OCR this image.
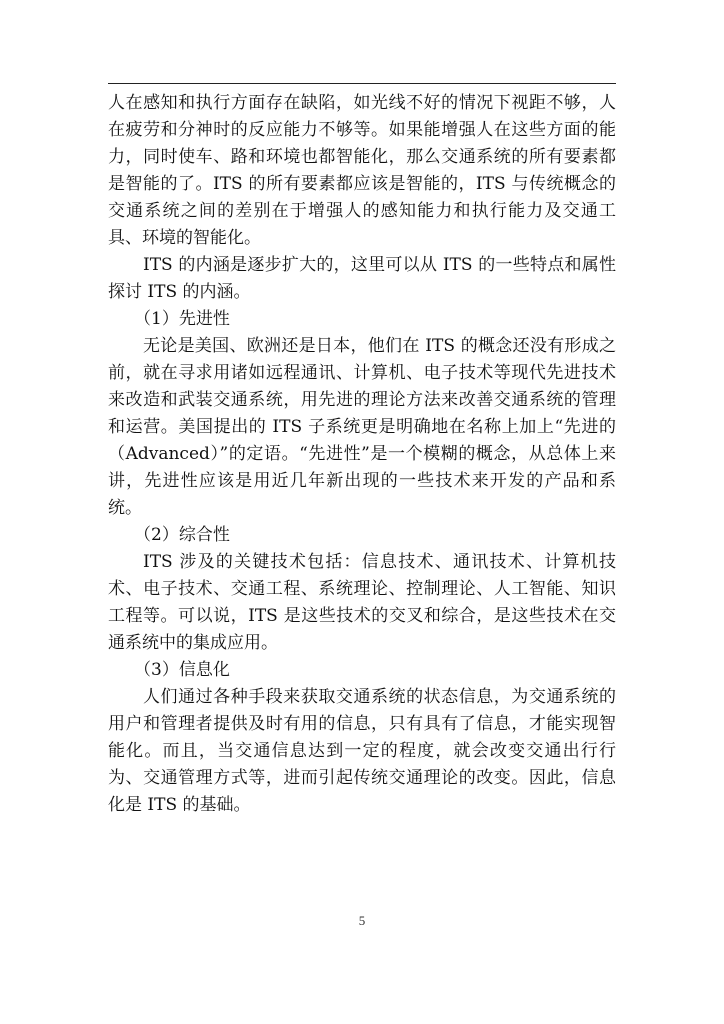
人在感知和执行方面存在缺陷，如光线不好的情况下视距不够，人在疲劳和分神时的反应能力不够等。如果能增强人在这些方面的能力，同时使车、路和环境也都智能化，那么交通系统的所有要素都是智能的了。ITS 的所有要素都应该是智能的，ITS 与传统概念的交通系统之间的差别在于增强人的感知能力和执行能力及交通工具、环境的智能化。

ITS 的内涵是逐步扩大的，这里可以从 ITS 的一些特点和属性探讨 ITS 的内涵。

（1）先进性

无论是美国、欧洲还是日本，他们在 ITS 的概念还没有形成之前，就在寻求用诸如远程通讯、计算机、电子技术等现代先进技术来改造和武装交通系统，用先进的理论方法来改善交通系统的管理和运营。美国提出的 ITS 子系统更是明确地在名称上加上“先进的（Advanced）”的定语。“先进性”是一个模糊的概念，从总体上来讲，先进性应该是用近几年新出现的一些技术来开发的产品和系统。

（2）综合性

ITS 涉及的关键技术包括：信息技术、通讯技术、计算机技术、电子技术、交通工程、系统理论、控制理论、人工智能、知识工程等。可以说，ITS 是这些技术的交叉和综合，是这些技术在交通系统中的集成应用。

（3）信息化

人们通过各种手段来获取交通系统的状态信息，为交通系统的用户和管理者提供及时有用的信息，只有具有了信息，才能实现智能化。而且，当交通信息达到一定的程度，就会改变交通出行行为、交通管理方式等，进而引起传统交通理论的改变。因此，信息化是 ITS 的基础。

5
